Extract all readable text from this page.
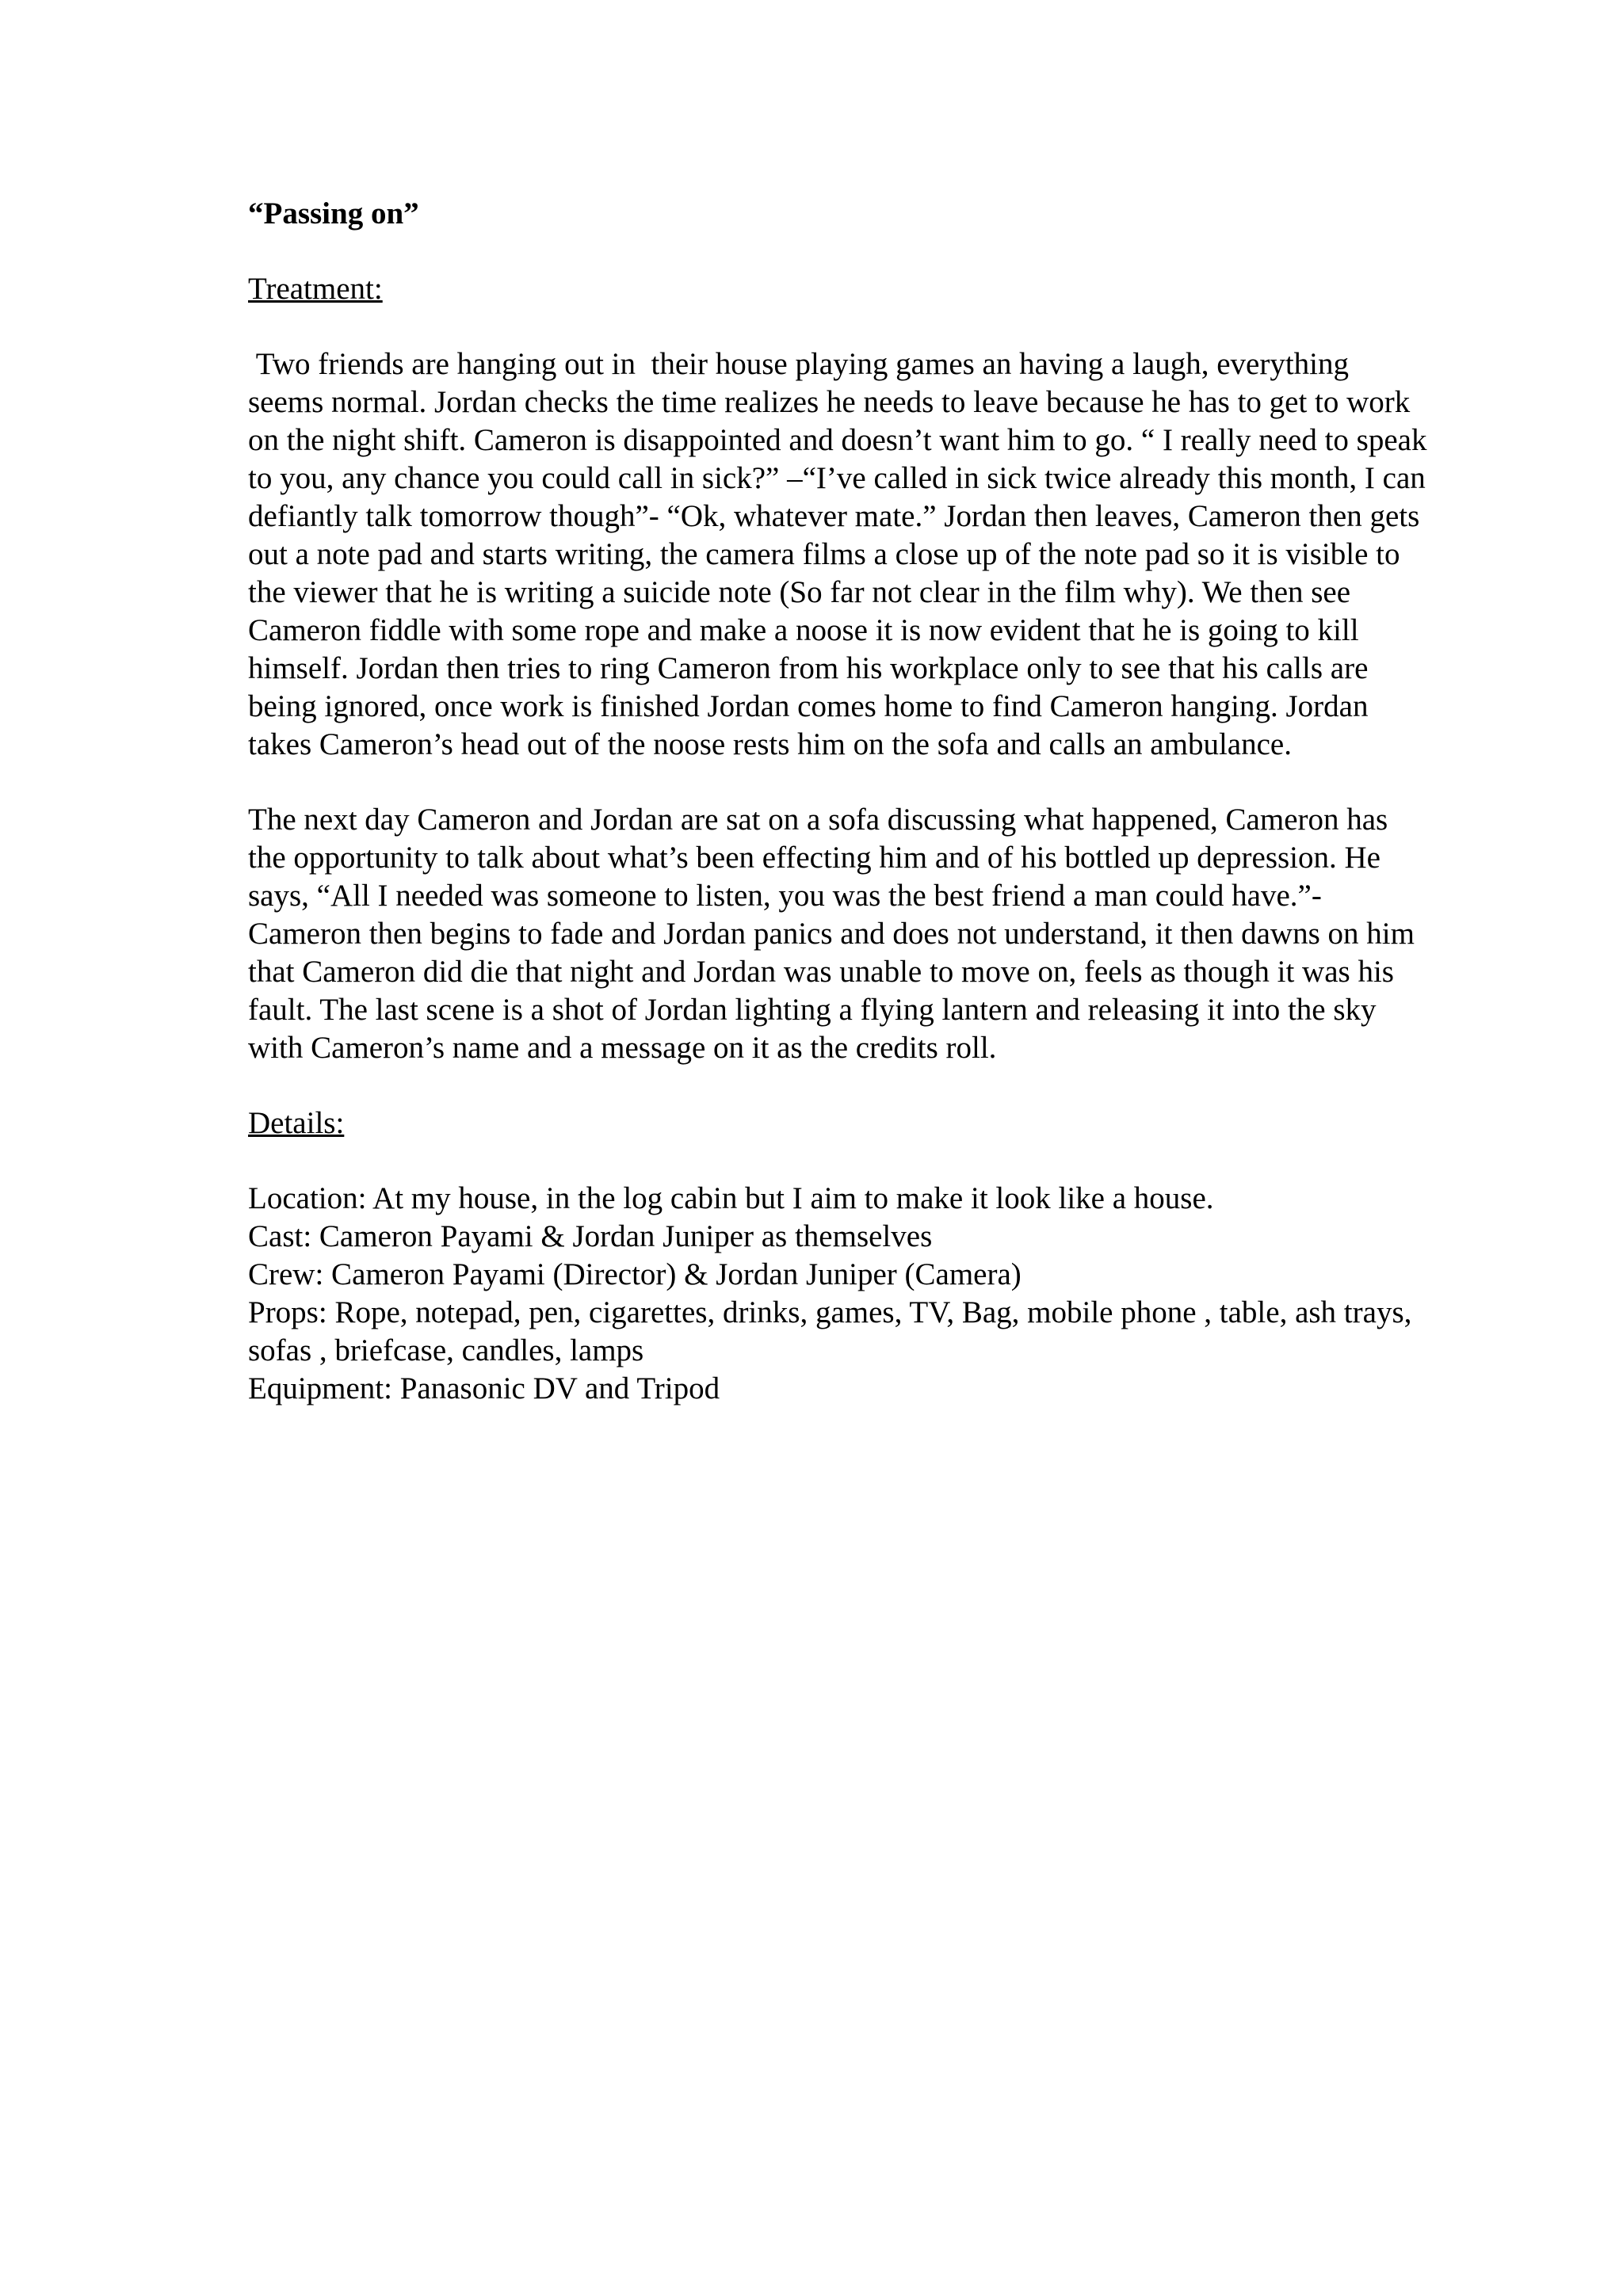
“Passing on”
Treatment:

Two friends are hanging out in  their house playing games an having a laugh, everything seems normal. Jordan checks the time realizes he needs to leave because he has to get to work on the night shift. Cameron is disappointed and doesn’t want him to go. “ I really need to speak to you, any chance you could call in sick?” –“I’ve called in sick twice already this month, I can defiantly talk tomorrow though”- “Ok, whatever mate.” Jordan then leaves, Cameron then gets out a note pad and starts writing, the camera films a close up of the note pad so it is visible to the viewer that he is writing a suicide note (So far not clear in the film why). We then see Cameron fiddle with some rope and make a noose it is now evident that he is going to kill himself. Jordan then tries to ring Cameron from his workplace only to see that his calls are being ignored, once work is finished Jordan comes home to find Cameron hanging. Jordan takes Cameron’s head out of the noose rests him on the sofa and calls an ambulance.

The next day Cameron and Jordan are sat on a sofa discussing what happened, Cameron has the opportunity to talk about what’s been effecting him and of his bottled up depression. He says, “All I needed was someone to listen, you was the best friend a man could have.”- Cameron then begins to fade and Jordan panics and does not understand, it then dawns on him that Cameron did die that night and Jordan was unable to move on, feels as though it was his fault. The last scene is a shot of Jordan lighting a flying lantern and releasing it into the sky with Cameron’s name and a message on it as the credits roll.

Details:
Location: At my house, in the log cabin but I aim to make it look like a house.
Cast: Cameron Payami & Jordan Juniper as themselves
Crew: Cameron Payami (Director) & Jordan Juniper (Camera)
Props: Rope, notepad, pen, cigarettes, drinks, games, TV, Bag, mobile phone , table, ash trays, sofas , briefcase, candles, lamps
Equipment: Panasonic DV and Tripod
